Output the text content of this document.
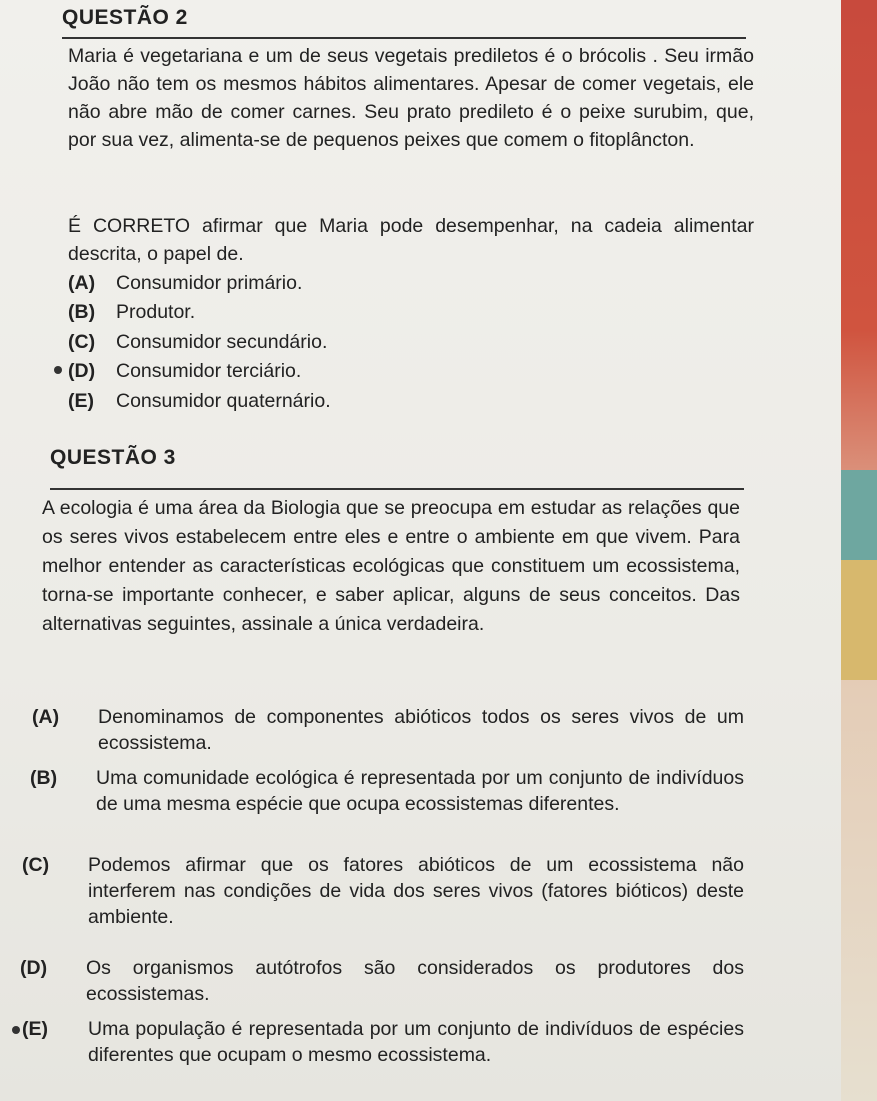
QUESTÃO 2
Maria é vegetariana e um de seus vegetais prediletos é o brócolis . Seu irmão João não tem os mesmos hábitos alimentares. Apesar de comer vegetais, ele não abre mão de comer carnes. Seu prato predileto é o peixe surubim, que, por sua vez, alimenta-se de pequenos peixes que comem o fitoplâncton.
É CORRETO afirmar que Maria pode desempenhar, na cadeia alimentar descrita, o papel de.
(A) Consumidor primário.
(B) Produtor.
(C) Consumidor secundário.
(D) Consumidor terciário.
(E) Consumidor quaternário.
QUESTÃO 3
A ecologia é uma área da Biologia que se preocupa em estudar as relações que os seres vivos estabelecem entre eles e entre o ambiente em que vivem. Para melhor entender as características ecológicas que constituem um ecossistema, torna-se importante conhecer, e saber aplicar, alguns de seus conceitos. Das alternativas seguintes, assinale a única verdadeira.
(A) Denominamos de componentes abióticos todos os seres vivos de um ecossistema.
(B) Uma comunidade ecológica é representada por um conjunto de indivíduos de uma mesma espécie que ocupa ecossistemas diferentes.
(C) Podemos afirmar que os fatores abióticos de um ecossistema não interferem nas condições de vida dos seres vivos (fatores bióticos) deste ambiente.
(D) Os organismos autótrofos são considerados os produtores dos ecossistemas.
(E) Uma população é representada por um conjunto de indivíduos de espécies diferentes que ocupam o mesmo ecossistema.
